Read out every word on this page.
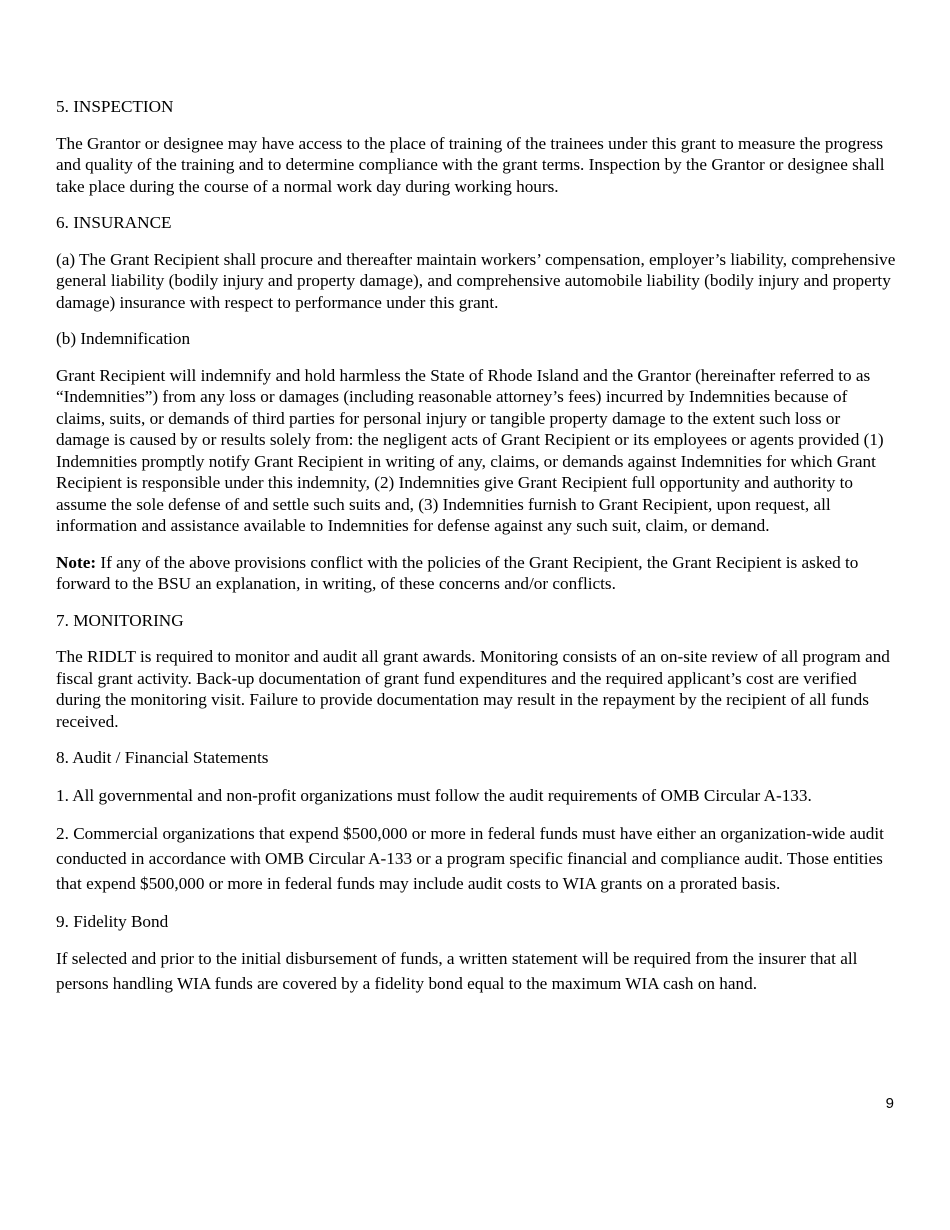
5. INSPECTION

The Grantor or designee may have access to the place of training of the trainees under this grant to measure the progress and quality of the training and to determine compliance with the grant terms. Inspection by the Grantor or designee shall take place during the course of a normal work day during working hours.

6. INSURANCE

(a) The Grant Recipient shall procure and thereafter maintain workers’ compensation, employer’s liability, comprehensive general liability (bodily injury and property damage), and comprehensive automobile liability (bodily injury and property damage) insurance with respect to performance under this grant.

(b) Indemnification

Grant Recipient will indemnify and hold harmless the State of Rhode Island and the Grantor (hereinafter referred to as “Indemnities”) from any loss or damages (including reasonable attorney’s fees) incurred by Indemnities because of claims, suits, or demands of third parties for personal injury or tangible property damage to the extent such loss or damage is caused by or results solely from: the negligent acts of Grant Recipient or its employees or agents provided (1) Indemnities promptly notify Grant Recipient in writing of any, claims, or demands against Indemnities for which Grant Recipient is responsible under this indemnity, (2) Indemnities give Grant Recipient full opportunity and authority to assume the sole defense of and settle such suits and, (3) Indemnities furnish to Grant Recipient, upon request, all information and assistance available to Indemnities for defense against any such suit, claim, or demand.

Note: If any of the above provisions conflict with the policies of the Grant Recipient, the Grant Recipient is asked to forward to the BSU an explanation, in writing, of these concerns and/or conflicts.

7. MONITORING

The RIDLT is required to monitor and audit all grant awards. Monitoring consists of an on-site review of all program and fiscal grant activity. Back-up documentation of grant fund expenditures and the required applicant’s cost are verified during the monitoring visit. Failure to provide documentation may result in the repayment by the recipient of all funds received.

8. Audit / Financial Statements

1. All governmental and non-profit organizations must follow the audit requirements of OMB Circular A-133.

2. Commercial organizations that expend $500,000 or more in federal funds must have either an organization-wide audit conducted in accordance with OMB Circular A-133 or a program specific financial and compliance audit. Those entities that expend $500,000 or more in federal funds may include audit costs to WIA grants on a prorated basis.

9. Fidelity Bond

If selected and prior to the initial disbursement of funds, a written statement will be required from the insurer that all persons handling WIA funds are covered by a fidelity bond equal to the maximum WIA cash on hand.

9
